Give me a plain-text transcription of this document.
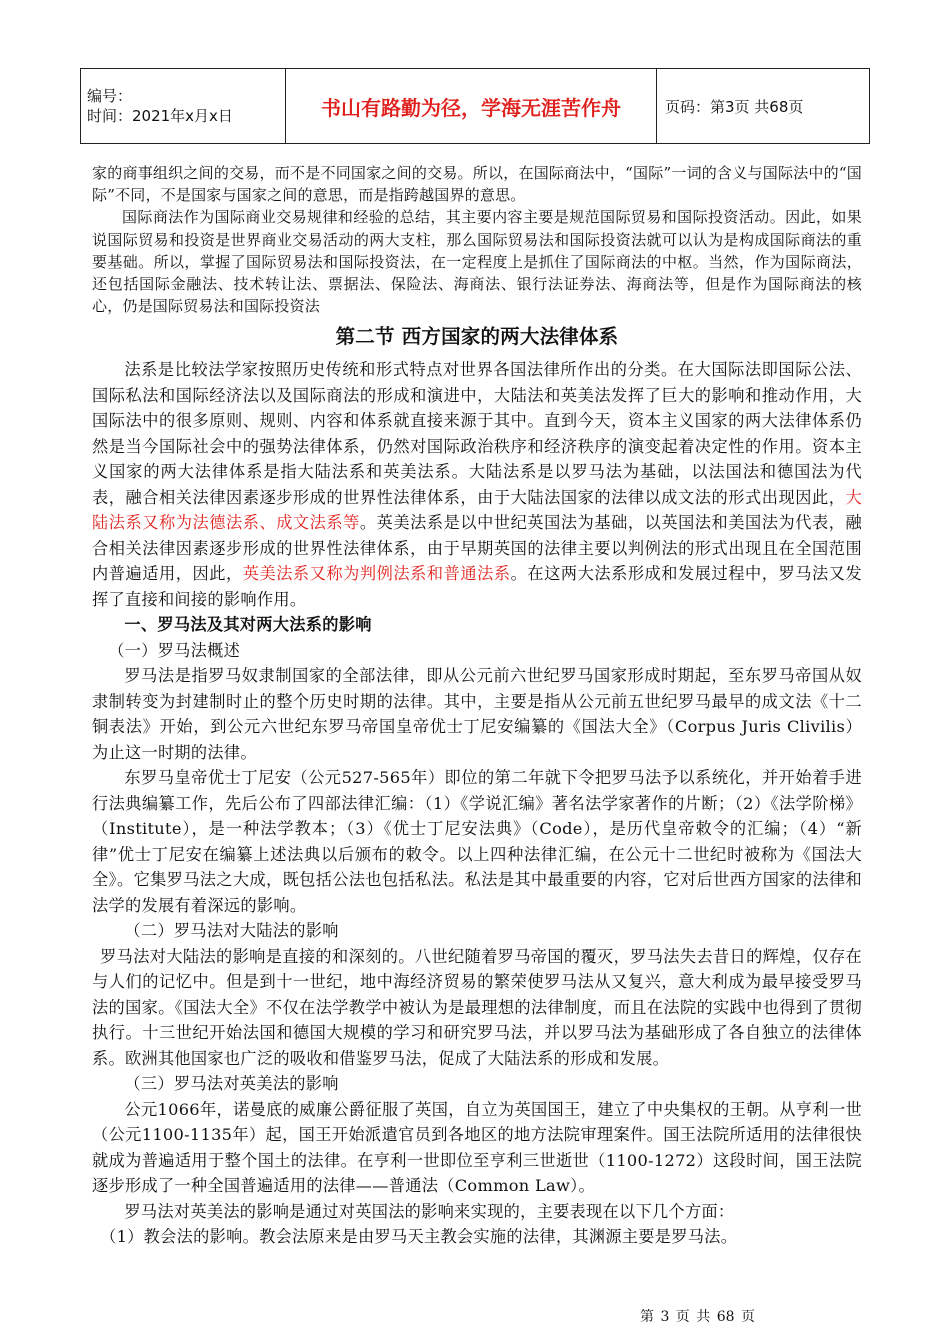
编号：
时间：2021年x月x日	书山有路勤为径，学海无涯苦作舟	页码：第3页 共68页

家的商事组织之间的交易，而不是不同国家之间的交易。所以，在国际商法中，“国际”一词的含义与国际法中的“国际”不同，不是国家与国家之间的意思，而是指跨越国界的意思。

国际商法作为国际商业交易规律和经验的总结，其主要内容主要是规范国际贸易和国际投资活动。因此，如果说国际贸易和投资是世界商业交易活动的两大支柱，那么国际贸易法和国际投资法就可以认为是构成国际商法的重要基础。所以，掌握了国际贸易法和国际投资法，在一定程度上是抓住了国际商法的中枢。当然，作为国际商法，还包括国际金融法、技术转让法、票据法、保险法、海商法、银行法证券法、海商法等，但是作为国际商法的核心，仍是国际贸易法和国际投资法

第二节 西方国家的两大法律体系

法系是比较法学家按照历史传统和形式特点对世界各国法律所作出的分类。在大国际法即国际公法、国际私法和国际经济法以及国际商法的形成和演进中，大陆法和英美法发挥了巨大的影响和推动作用，大国际法中的很多原则、规则、内容和体系就直接来源于其中。直到今天，资本主义国家的两大法律体系仍然是当今国际社会中的强势法律体系，仍然对国际政治秩序和经济秩序的演变起着决定性的作用。资本主义国家的两大法律体系是指大陆法系和英美法系。大陆法系是以罗马法为基础，以法国法和德国法为代表，融合相关法律因素逐步形成的世界性法律体系，由于大陆法国家的法律以成文法的形式出现因此，大陆法系又称为法德法系、成文法系等。英美法系是以中世纪英国法为基础，以英国法和美国法为代表，融合相关法律因素逐步形成的世界性法律体系，由于早期英国的法律主要以判例法的形式出现且在全国范围内普遍适用，因此，英美法系又称为判例法系和普通法系。在这两大法系形成和发展过程中，罗马法又发挥了直接和间接的影响作用。

一、罗马法及其对两大法系的影响

（一）罗马法概述

罗马法是指罗马奴隶制国家的全部法律，即从公元前六世纪罗马国家形成时期起，至东罗马帝国从奴隶制转变为封建制时止的整个历史时期的法律。其中，主要是指从公元前五世纪罗马最早的成文法《十二铜表法》开始，到公元六世纪东罗马帝国皇帝优士丁尼安编纂的《国法大全》（Corpus Juris Clivilis）为止这一时期的法律。

东罗马皇帝优士丁尼安（公元527-565年）即位的第二年就下令把罗马法予以系统化，并开始着手进行法典编纂工作，先后公布了四部法律汇编：（1）《学说汇编》著名法学家著作的片断；（2）《法学阶梯》（Institute），是一种法学教本；（3）《优士丁尼安法典》（Code），是历代皇帝敕令的汇编；（4）“新律”优士丁尼安在编纂上述法典以后颁布的敕令。以上四种法律汇编，在公元十二世纪时被称为《国法大全》。它集罗马法之大成，既包括公法也包括私法。私法是其中最重要的内容，它对后世西方国家的法律和法学的发展有着深远的影响。

（二）罗马法对大陆法的影响

罗马法对大陆法的影响是直接的和深刻的。八世纪随着罗马帝国的覆灭，罗马法失去昔日的辉煌，仅存在与人们的记忆中。但是到十一世纪，地中海经济贸易的繁荣使罗马法从又复兴，意大利成为最早接受罗马法的国家。《国法大全》不仅在法学教学中被认为是最理想的法律制度，而且在法院的实践中也得到了贯彻执行。十三世纪开始法国和德国大规模的学习和研究罗马法，并以罗马法为基础形成了各自独立的法律体系。欧洲其他国家也广泛的吸收和借鉴罗马法，促成了大陆法系的形成和发展。

（三）罗马法对英美法的影响

公元1066年，诺曼底的威廉公爵征服了英国，自立为英国国王，建立了中央集权的王朝。从亨利一世（公元1100-1135年）起，国王开始派遣官员到各地区的地方法院审理案件。国王法院所适用的法律很快就成为普遍适用于整个国土的法律。在亨利一世即位至亨利三世逝世（1100-1272）这段时间，国王法院逐步形成了一种全国普遍适用的法律——普通法（Common Law）。

罗马法对英美法的影响是通过对英国法的影响来实现的，主要表现在以下几个方面：

（1）教会法的影响。教会法原来是由罗马天主教会实施的法律，其渊源主要是罗马法。

第 3 页 共 68 页
